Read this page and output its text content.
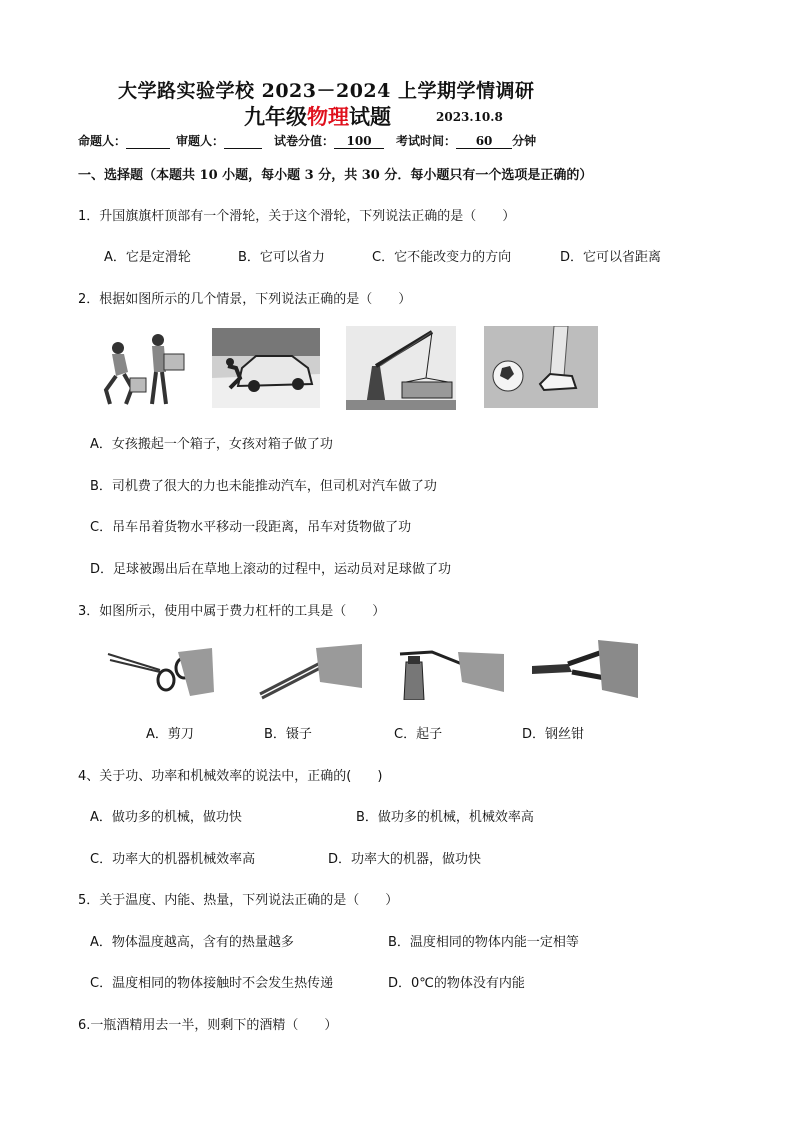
大学路实验学校 2023－2024 上学期学情调研
九年级物理试题	2023.10.8
命题人：	审题人：	试卷分值： 100 考试时间： 60 分钟
一、选择题（本题共 10 小题，每小题 3 分，共 30 分．每小题只有一个选项是正确的）
1．升国旗旗杆顶部有一个滑轮，关于这个滑轮，下列说法正确的是（　　）
A．它是定滑轮	B．它可以省力	C．它不能改变力的方向	D．它可以省距离
2．根据如图所示的几个情景，下列说法正确的是（　　）
A．女孩搬起一个箱子，女孩对箱子做了功
B．司机费了很大的力也未能推动汽车，但司机对汽车做了功
C．吊车吊着货物水平移动一段距离，吊车对货物做了功
D．足球被踢出后在草地上滚动的过程中，运动员对足球做了功
3．如图所示，使用中属于费力杠杆的工具是（　　）
A．剪刀	B．镊子	C．起子	D．钢丝钳
4、关于功、功率和机械效率的说法中，正确的(　　)
A．做功多的机械，做功快	B．做功多的机械，机械效率高
C．功率大的机器机械效率高	D．功率大的机器，做功快
5．关于温度、内能、热量，下列说法正确的是（　　）
A．物体温度越高，含有的热量越多	B．温度相同的物体内能一定相等
C．温度相同的物体接触时不会发生热传递	D．0℃的物体没有内能
6.一瓶酒精用去一半，则剩下的酒精（　　）
